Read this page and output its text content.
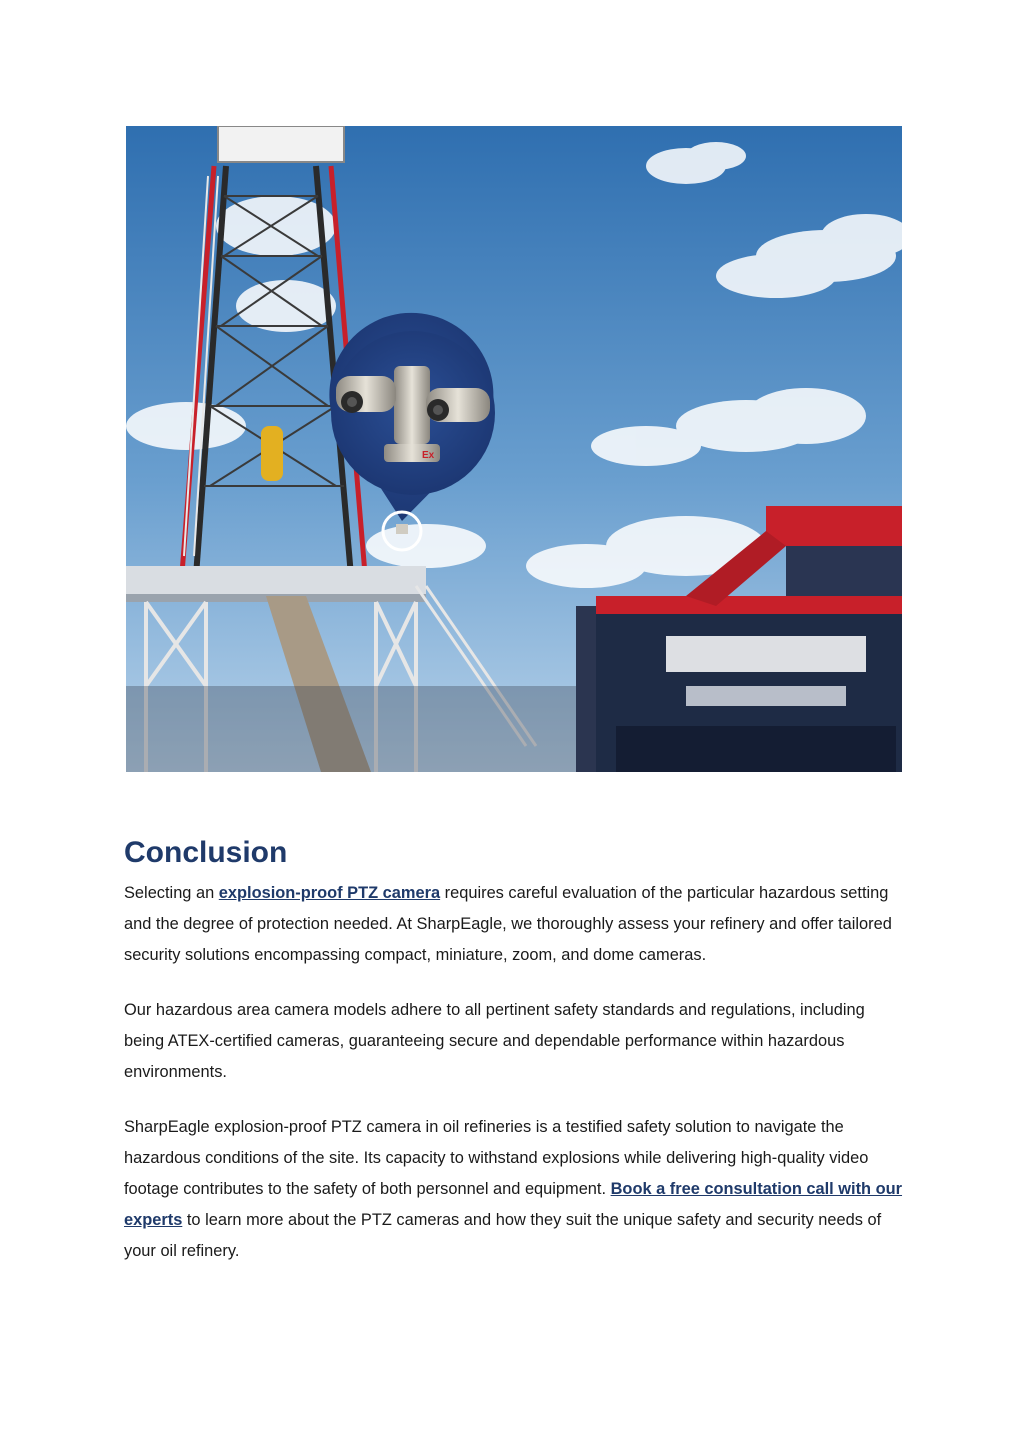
Ex
Conclusion

Selecting an explosion-proof PTZ camera requires careful evaluation of the particular hazardous setting and the degree of protection needed. At SharpEagle, we thoroughly assess your refinery and offer tailored security solutions encompassing compact, miniature, zoom, and dome cameras.

Our hazardous area camera models adhere to all pertinent safety standards and regulations, including being ATEX-certified cameras, guaranteeing secure and dependable performance within hazardous environments.

SharpEagle explosion-proof PTZ camera in oil refineries is a testified safety solution to navigate the hazardous conditions of the site. Its capacity to withstand explosions while delivering high-quality video footage contributes to the safety of both personnel and equipment. Book a free consultation call with our experts to learn more about the PTZ cameras and how they suit the unique safety and security needs of your oil refinery.
